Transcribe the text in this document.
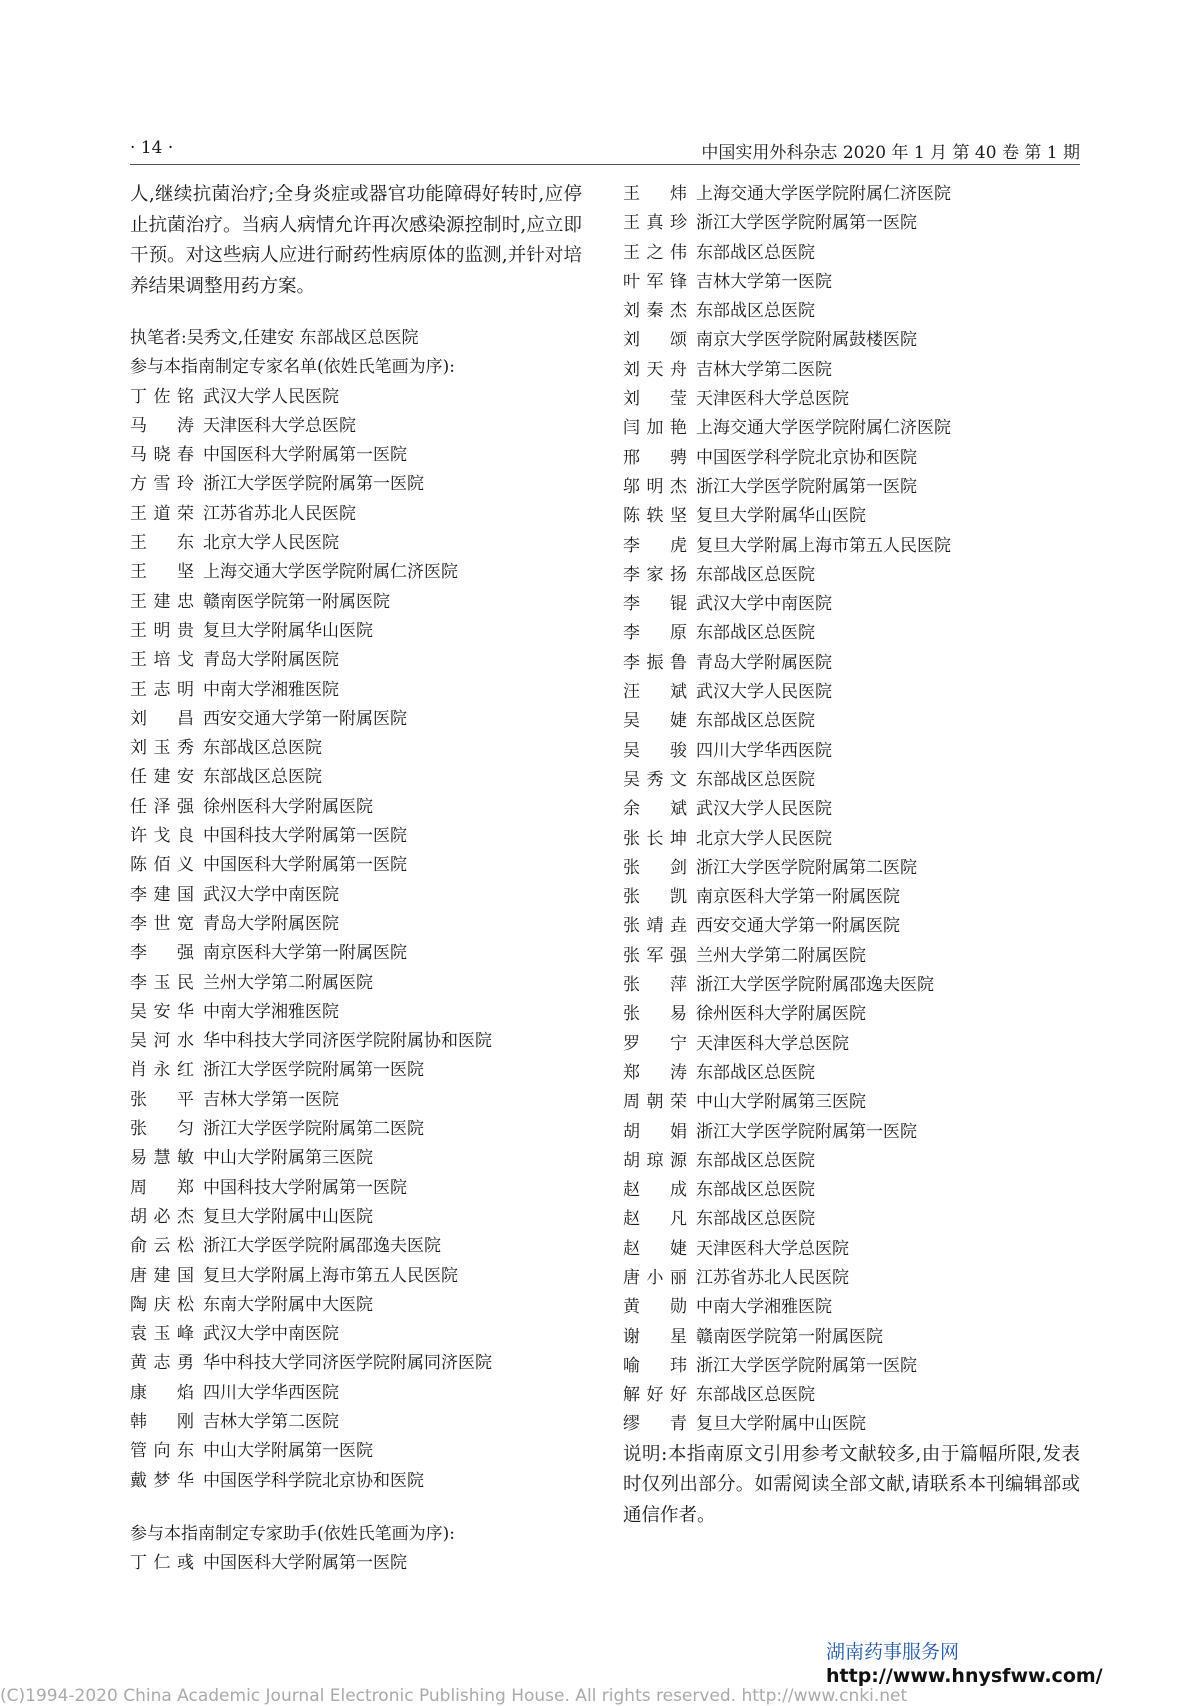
· 14 ·	中国实用外科杂志 2020 年 1 月 第 40 卷 第 1 期

人,继续抗菌治疗;全身炎症或器官功能障碍好转时,应停止抗菌治疗。当病人病情允许再次感染源控制时,应立即干预。对这些病人应进行耐药性病原体的监测,并针对培养结果调整用药方案。

执笔者:吴秀文,任建安 东部战区总医院
参与本指南制定专家名单(依姓氏笔画为序):
丁佐铭 武汉大学人民医院
马 涛 天津医科大学总医院
马晓春 中国医科大学附属第一医院
方雪玲 浙江大学医学院附属第一医院
王道荣 江苏省苏北人民医院
王 东 北京大学人民医院
王 坚 上海交通大学医学院附属仁济医院
王建忠 赣南医学院第一附属医院
王明贵 复旦大学附属华山医院
王培戈 青岛大学附属医院
王志明 中南大学湘雅医院
刘 昌 西安交通大学第一附属医院
刘玉秀 东部战区总医院
任建安 东部战区总医院
任泽强 徐州医科大学附属医院
许戈良 中国科技大学附属第一医院
陈佰义 中国医科大学附属第一医院
李建国 武汉大学中南医院
李世宽 青岛大学附属医院
李 强 南京医科大学第一附属医院
李玉民 兰州大学第二附属医院
吴安华 中南大学湘雅医院
吴河水 华中科技大学同济医学院附属协和医院
肖永红 浙江大学医学院附属第一医院
张 平 吉林大学第一医院
张 匀 浙江大学医学院附属第二医院
易慧敏 中山大学附属第三医院
周 郑 中国科技大学附属第一医院
胡必杰 复旦大学附属中山医院
俞云松 浙江大学医学院附属邵逸夫医院
唐建国 复旦大学附属上海市第五人民医院
陶庆松 东南大学附属中大医院
袁玉峰 武汉大学中南医院
黄志勇 华中科技大学同济医学院附属同济医院
康 焰 四川大学华西医院
韩 刚 吉林大学第二医院
管向东 中山大学附属第一医院
戴梦华 中国医学科学院北京协和医院
参与本指南制定专家助手(依姓氏笔画为序):
丁仁彧 中国医科大学附属第一医院
王 炜 上海交通大学医学院附属仁济医院
王真珍 浙江大学医学院附属第一医院
王之伟 东部战区总医院
叶军锋 吉林大学第一医院
刘秦杰 东部战区总医院
刘 颂 南京大学医学院附属鼓楼医院
刘天舟 吉林大学第二医院
刘 莹 天津医科大学总医院
闫加艳 上海交通大学医学院附属仁济医院
邢 骋 中国医学科学院北京协和医院
邬明杰 浙江大学医学院附属第一医院
陈轶坚 复旦大学附属华山医院
李 虎 复旦大学附属上海市第五人民医院
李家扬 东部战区总医院
李 锟 武汉大学中南医院
李 原 东部战区总医院
李振鲁 青岛大学附属医院
汪 斌 武汉大学人民医院
吴 婕 东部战区总医院
吴 骏 四川大学华西医院
吴秀文 东部战区总医院
余 斌 武汉大学人民医院
张长坤 北京大学人民医院
张 剑 浙江大学医学院附属第二医院
张 凯 南京医科大学第一附属医院
张靖垚 西安交通大学第一附属医院
张军强 兰州大学第二附属医院
张 萍 浙江大学医学院附属邵逸夫医院
张 易 徐州医科大学附属医院
罗 宁 天津医科大学总医院
郑 涛 东部战区总医院
周朝荣 中山大学附属第三医院
胡 娟 浙江大学医学院附属第一医院
胡琼源 东部战区总医院
赵 成 东部战区总医院
赵 凡 东部战区总医院
赵 婕 天津医科大学总医院
唐小丽 江苏省苏北人民医院
黄 勋 中南大学湘雅医院
谢 星 赣南医学院第一附属医院
喻 玮 浙江大学医学院附属第一医院
解好好 东部战区总医院
缪 青 复旦大学附属中山医院

说明:本指南原文引用参考文献较多,由于篇幅所限,发表时仅列出部分。如需阅读全部文献,请联系本刊编辑部或通信作者。

湖南药事服务网
http://www.hnysfww.com/
(C)1994-2020 China Academic Journal Electronic Publishing House. All rights reserved. http://www.cnki.net
